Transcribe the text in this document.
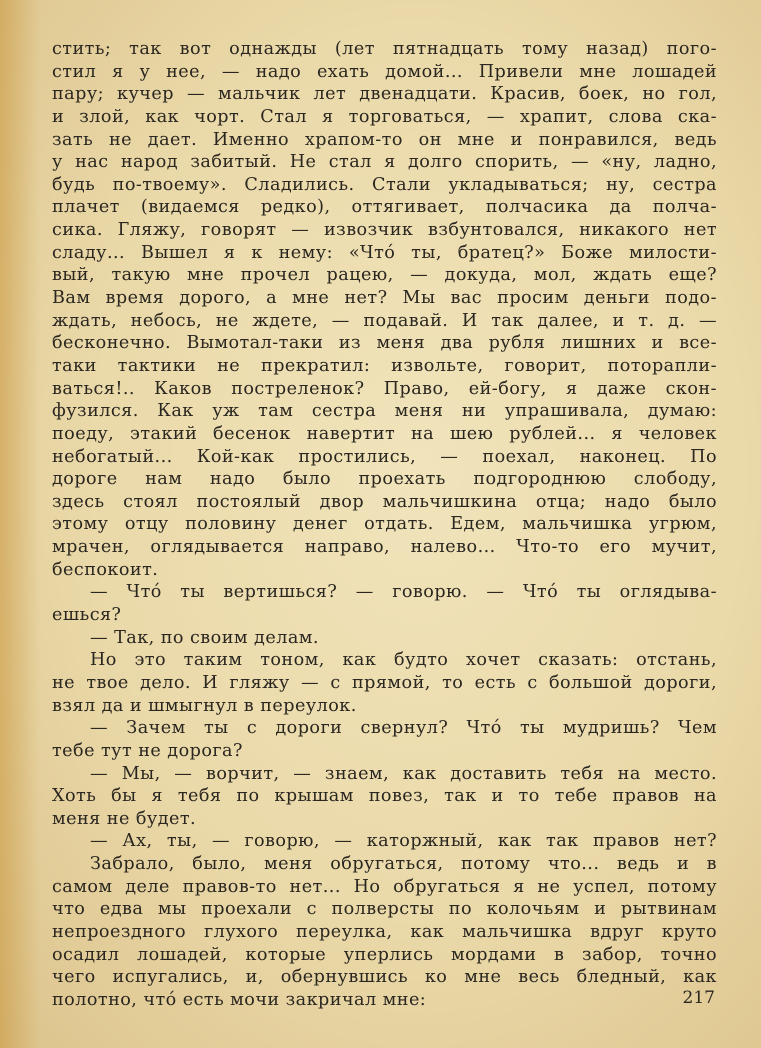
стить; так вот однажды (лет пятнадцать тому назад) пого-
стил я у нее, — надо ехать домой... Привели мне лошадей
пару; кучер — мальчик лет двенадцати. Красив, боек, но гол,
и злой, как чорт. Стал я торговаться, — храпит, слова ска-
зать не дает. Именно храпом-то он мне и понравился, ведь
у нас народ забитый. Не стал я долго спорить, — «ну, ладно,
будь по-твоему». Сладились. Стали укладываться; ну, сестра
плачет (видаемся редко), оттягивает, полчасика да полча-
сика. Гляжу, говорят — извозчик взбунтовался, никакого нет
сладу... Вышел я к нему: «Что́ ты, братец?» Боже милости-
вый, такую мне прочел рацею, — докуда, мол, ждать еще?
Вам время дорого, а мне нет? Мы вас просим деньги подо-
ждать, небось, не ждете, — подавай. И так далее, и т. д. —
бесконечно. Вымотал-таки из меня два рубля лишних и все-
таки тактики не прекратил: извольте, говорит, поторапли-
ваться!.. Каков постреленок? Право, ей-богу, я даже скон-
фузился. Как уж там сестра меня ни упрашивала, думаю:
поеду, этакий бесенок навертит на шею рублей... я человек
небогатый... Кой-как простились, — поехал, наконец. По
дороге нам надо было проехать подгороднюю слободу,
здесь стоял постоялый двор мальчишкина отца; надо было
этому отцу половину денег отдать. Едем, мальчишка угрюм,
мрачен, оглядывается направо, налево... Что-то его мучит,
беспокоит.
— Что́ ты вертишься? — говорю. — Что́ ты оглядыва-
ешься?
— Так, по своим делам.
Но это таким тоном, как будто хочет сказать: отстань,
не твое дело. И гляжу — с прямой, то есть с большой дороги,
взял да и шмыгнул в переулок.
— Зачем ты с дороги свернул? Что́ ты мудришь? Чем
тебе тут не дорога?
— Мы, — ворчит, — знаем, как доставить тебя на место.
Хоть бы я тебя по крышам повез, так и то тебе правов на
меня не будет.
— Ах, ты, — говорю, — каторжный, как так правов нет?
Забрало, было, меня обругаться, потому что... ведь и в
самом деле правов-то нет... Но обругаться я не успел, потому
что едва мы проехали с полверсты по колочьям и рытвинам
непроездного глухого переулка, как мальчишка вдруг круто
осадил лошадей, которые уперлись мордами в забор, точно
чего испугались, и, обернувшись ко мне весь бледный, как
полотно, что́ есть мочи закричал мне:	217
